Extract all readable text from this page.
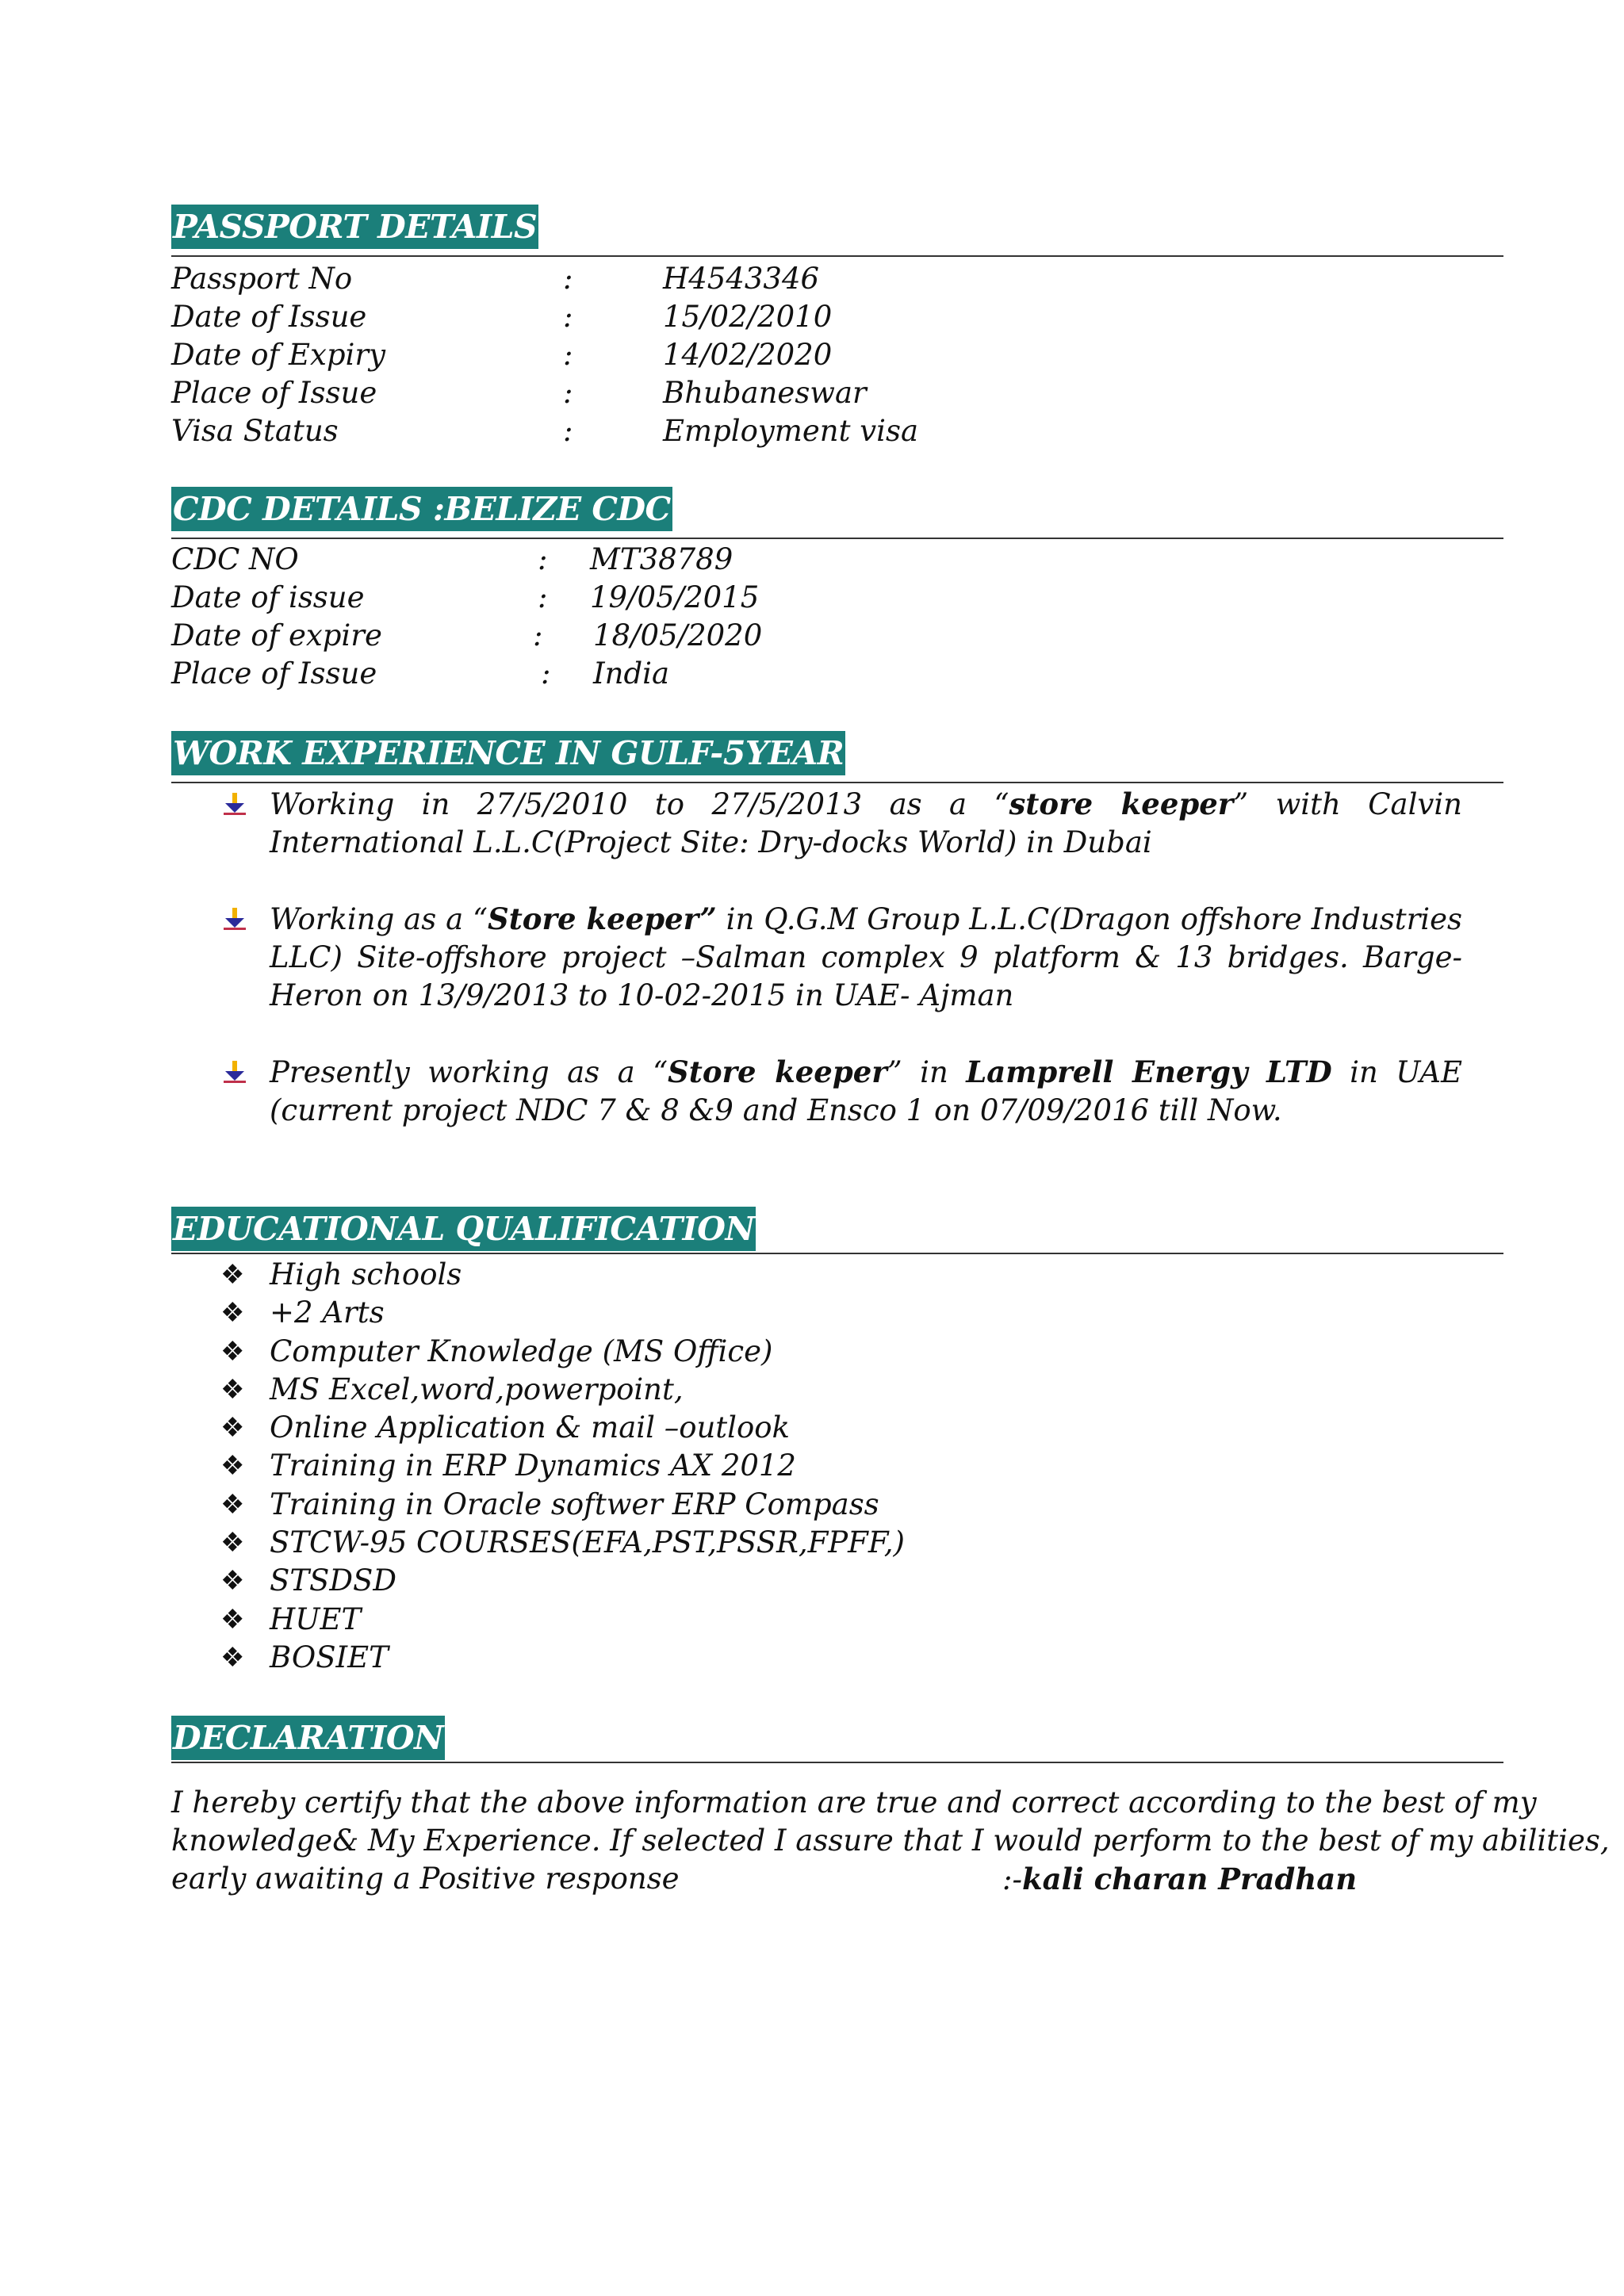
PASSPORT DETAILS
Passport No	:	H4543346
Date of Issue	:	15/02/2010
Date of Expiry	:	14/02/2020
Place of Issue	:	Bhubaneswar
Visa Status	:	Employment visa
CDC DETAILS :BELIZE CDC
CDC NO	: MT38789
Date of issue	: 19/05/2015
Date of expire	: 18/05/2020
Place of Issue	: India
WORK EXPERIENCE IN GULF-5YEAR
Working in 27/5/2010 to 27/5/2013 as a “store keeper” with Calvin International L.L.C(Project Site: Dry-docks World) in Dubai
Working as a “Store keeper” in Q.G.M Group L.L.C(Dragon offshore Industries LLC) Site-offshore project –Salman complex 9 platform & 13 bridges. Barge-Heron on 13/9/2013 to 10-02-2015 in UAE- Ajman
Presently working as a “Store keeper” in Lamprell Energy LTD in UAE (current project NDC 7 & 8 &9 and Ensco 1 on 07/09/2016 till Now.
EDUCATIONAL QUALIFICATION
❖ High schools
❖ +2 Arts
❖ Computer Knowledge (MS Office)
❖ MS Excel,word,powerpoint,
❖ Online Application & mail –outlook
❖ Training in ERP Dynamics AX 2012
❖ Training in Oracle softwer ERP Compass
❖ STCW-95 COURSES(EFA,PST,PSSR,FPFF,)
❖ STSDSD
❖ HUET
❖ BOSIET
DECLARATION
I hereby certify that the above information are true and correct according to the best of my
knowledge& My Experience. If selected I assure that I would perform to the best of my abilities,
early awaiting a Positive response	:-kali charan Pradhan
